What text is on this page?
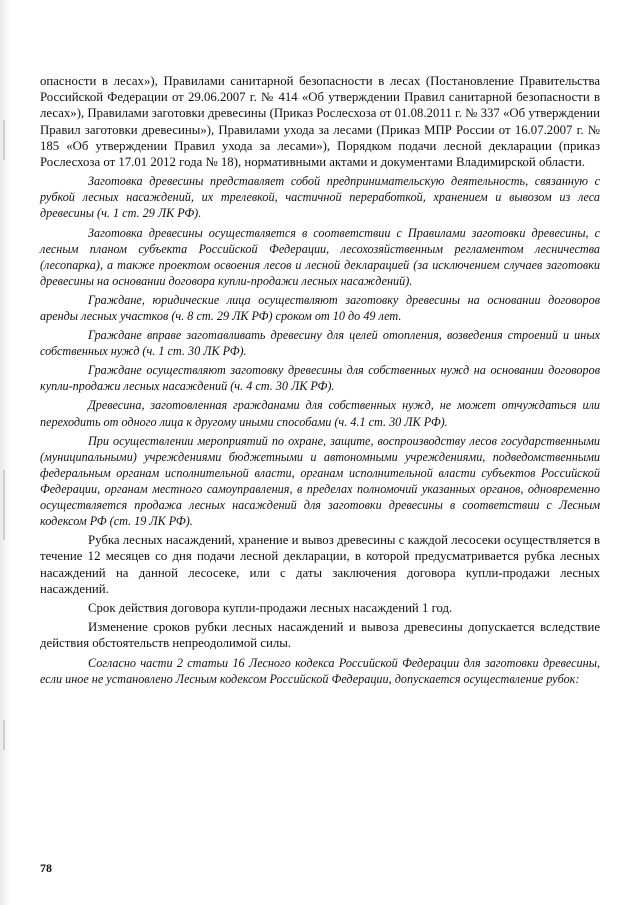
опасности в лесах»), Правилами санитарной безопасности в лесах (Постановление Правительства Российской Федерации от 29.06.2007 г. № 414 «Об утверждении Правил санитарной безопасности в лесах»), Правилами заготовки древесины (Приказ Рослесхоза от 01.08.2011 г. № 337 «Об утверждении Правил заготовки древесины»), Правилами ухода за лесами (Приказ МПР России от 16.07.2007 г. № 185 «Об утверждении Правил ухода за лесами»), Порядком подачи лесной декларации (приказ Рослесхоза от 17.01 2012 года № 18), нормативными актами и документами Владимирской области.

Заготовка древесины представляет собой предпринимательскую деятельность, связанную с рубкой лесных насаждений, их трелевкой, частичной переработкой, хранением и вывозом из леса древесины (ч. 1 ст. 29 ЛК РФ).

Заготовка древесины осуществляется в соответствии с Правилами заготовки древесины, с лесным планом субъекта Российской Федерации, лесохозяйственным регламентом лесничества (лесопарка), а также проектом освоения лесов и лесной декларацией (за исключением случаев заготовки древесины на основании договора купли-продажи лесных насаждений).

Граждане, юридические лица осуществляют заготовку древесины на основании договоров аренды лесных участков (ч. 8 ст. 29 ЛК РФ) сроком от 10 до 49 лет.

Граждане вправе заготавливать древесину для целей отопления, возведения строений и иных собственных нужд (ч. 1 ст. 30 ЛК РФ).

Граждане осуществляют заготовку древесины для собственных нужд на основании договоров купли-продажи лесных насаждений (ч. 4 ст. 30 ЛК РФ).

Древесина, заготовленная гражданами для собственных нужд, не может отчуждаться или переходить от одного лица к другому иными способами (ч. 4.1 ст. 30 ЛК РФ).

При осуществлении мероприятий по охране, защите, воспроизводству лесов государственными (муниципальными) учреждениями бюджетными и автономными учреждениями, подведомственными федеральным органам исполнительной власти, органам исполнительной власти субъектов Российской Федерации, органам местного самоуправления, в пределах полномочий указанных органов, одновременно осуществляется продажа лесных насаждений для заготовки древесины в соответствии с Лесным кодексом РФ (ст. 19 ЛК РФ).

Рубка лесных насаждений, хранение и вывоз древесины с каждой лесосеки осуществляется в течение 12 месяцев со дня подачи лесной декларации, в которой предусматривается рубка лесных насаждений на данной лесосеке, или с даты заключения договора купли-продажи лесных насаждений.

Срок действия договора купли-продажи лесных насаждений 1 год.

Изменение сроков рубки лесных насаждений и вывоза древесины допускается вследствие действия обстоятельств непреодолимой силы.

Согласно части 2 статьи 16 Лесного кодекса Российской Федерации для заготовки древесины, если иное не установлено Лесным кодексом Российской Федерации, допускается осуществление рубок:

78
